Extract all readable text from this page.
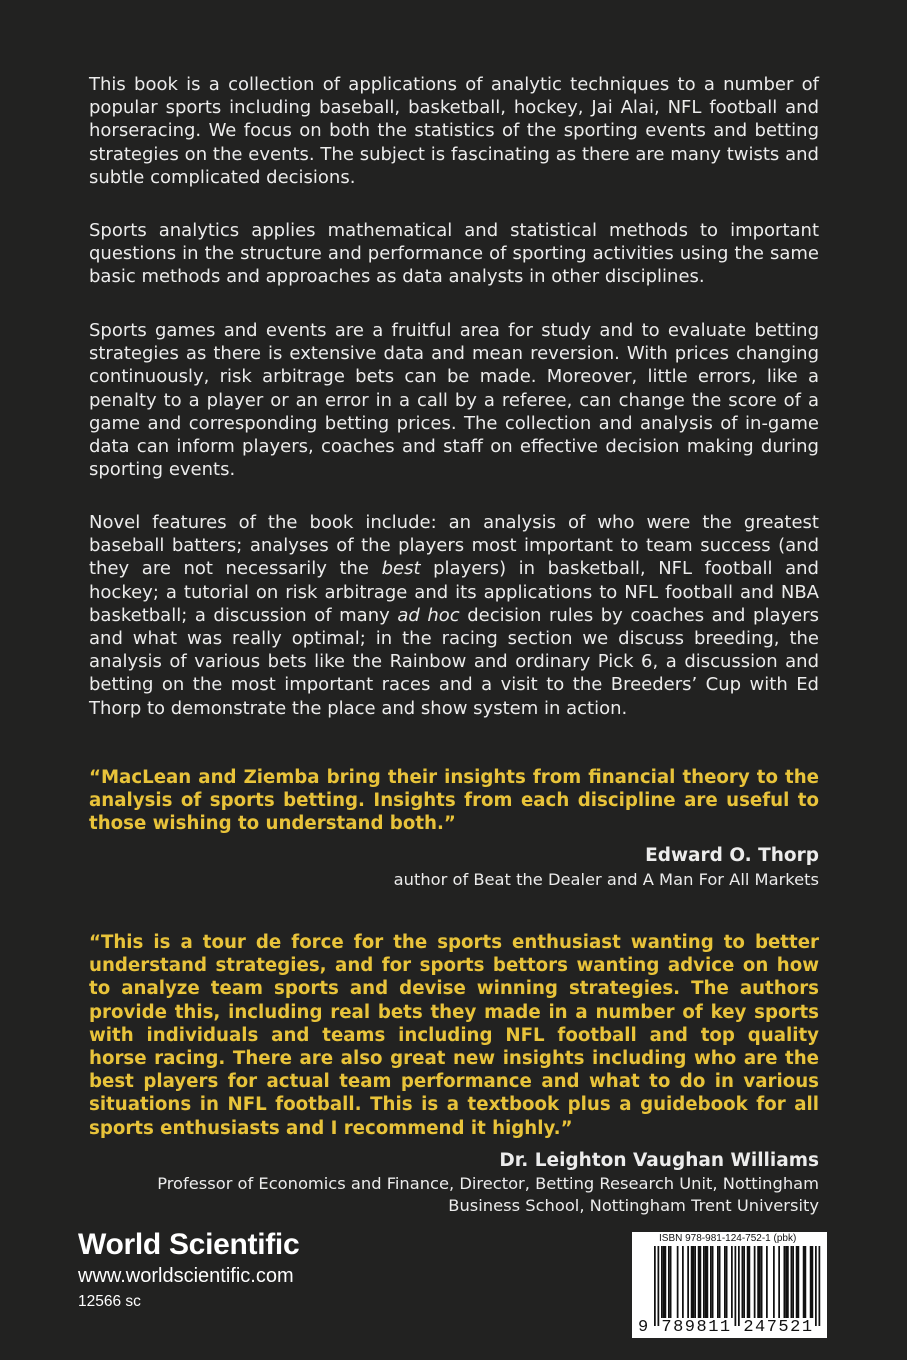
This book is a collection of applications of analytic techniques to a number of popular sports including baseball, basketball, hockey, Jai Alai, NFL football and horseracing. We focus on both the statistics of the sporting events and betting strategies on the events. The subject is fascinating as there are many twists and subtle complicated decisions.

Sports analytics applies mathematical and statistical methods to important questions in the structure and performance of sporting activities using the same basic methods and approaches as data analysts in other disciplines.

Sports games and events are a fruitful area for study and to evaluate betting strategies as there is extensive data and mean reversion. With prices changing continuously, risk arbitrage bets can be made. Moreover, little errors, like a penalty to a player or an error in a call by a referee, can change the score of a game and corresponding betting prices. The collection and analysis of in-game data can inform players, coaches and staff on effective decision making during sporting events.

Novel features of the book include: an analysis of who were the greatest baseball batters; analyses of the players most important to team success (and they are not necessarily the best players) in basketball, NFL football and hockey; a tutorial on risk arbitrage and its applications to NFL football and NBA basketball; a discussion of many ad hoc decision rules by coaches and players and what was really optimal; in the racing section we discuss breeding, the analysis of various bets like the Rainbow and ordinary Pick 6, a discussion and betting on the most important races and a visit to the Breeders’ Cup with Ed Thorp to demonstrate the place and show system in action.

“MacLean and Ziemba bring their insights from financial theory to the analysis of sports betting. Insights from each discipline are useful to those wishing to understand both.”

Edward O. Thorp

author of Beat the Dealer and A Man For All Markets

“This is a tour de force for the sports enthusiast wanting to better understand strategies, and for sports bettors wanting advice on how to analyze team sports and devise winning strategies. The authors provide this, including real bets they made in a number of key sports with individuals and teams including NFL football and top quality horse racing. There are also great new insights including who are the best players for actual team performance and what to do in various situations in NFL football. This is a textbook plus a guidebook for all sports enthusiasts and I recommend it highly.”

Dr. Leighton Vaughan Williams

Professor of Economics and Finance, Director, Betting Research Unit, Nottingham Business School, Nottingham Trent University

World Scientific
www.worldscientific.com
12566 sc
ISBN 978-981-124-752-1 (pbk)
9 789811 247521
